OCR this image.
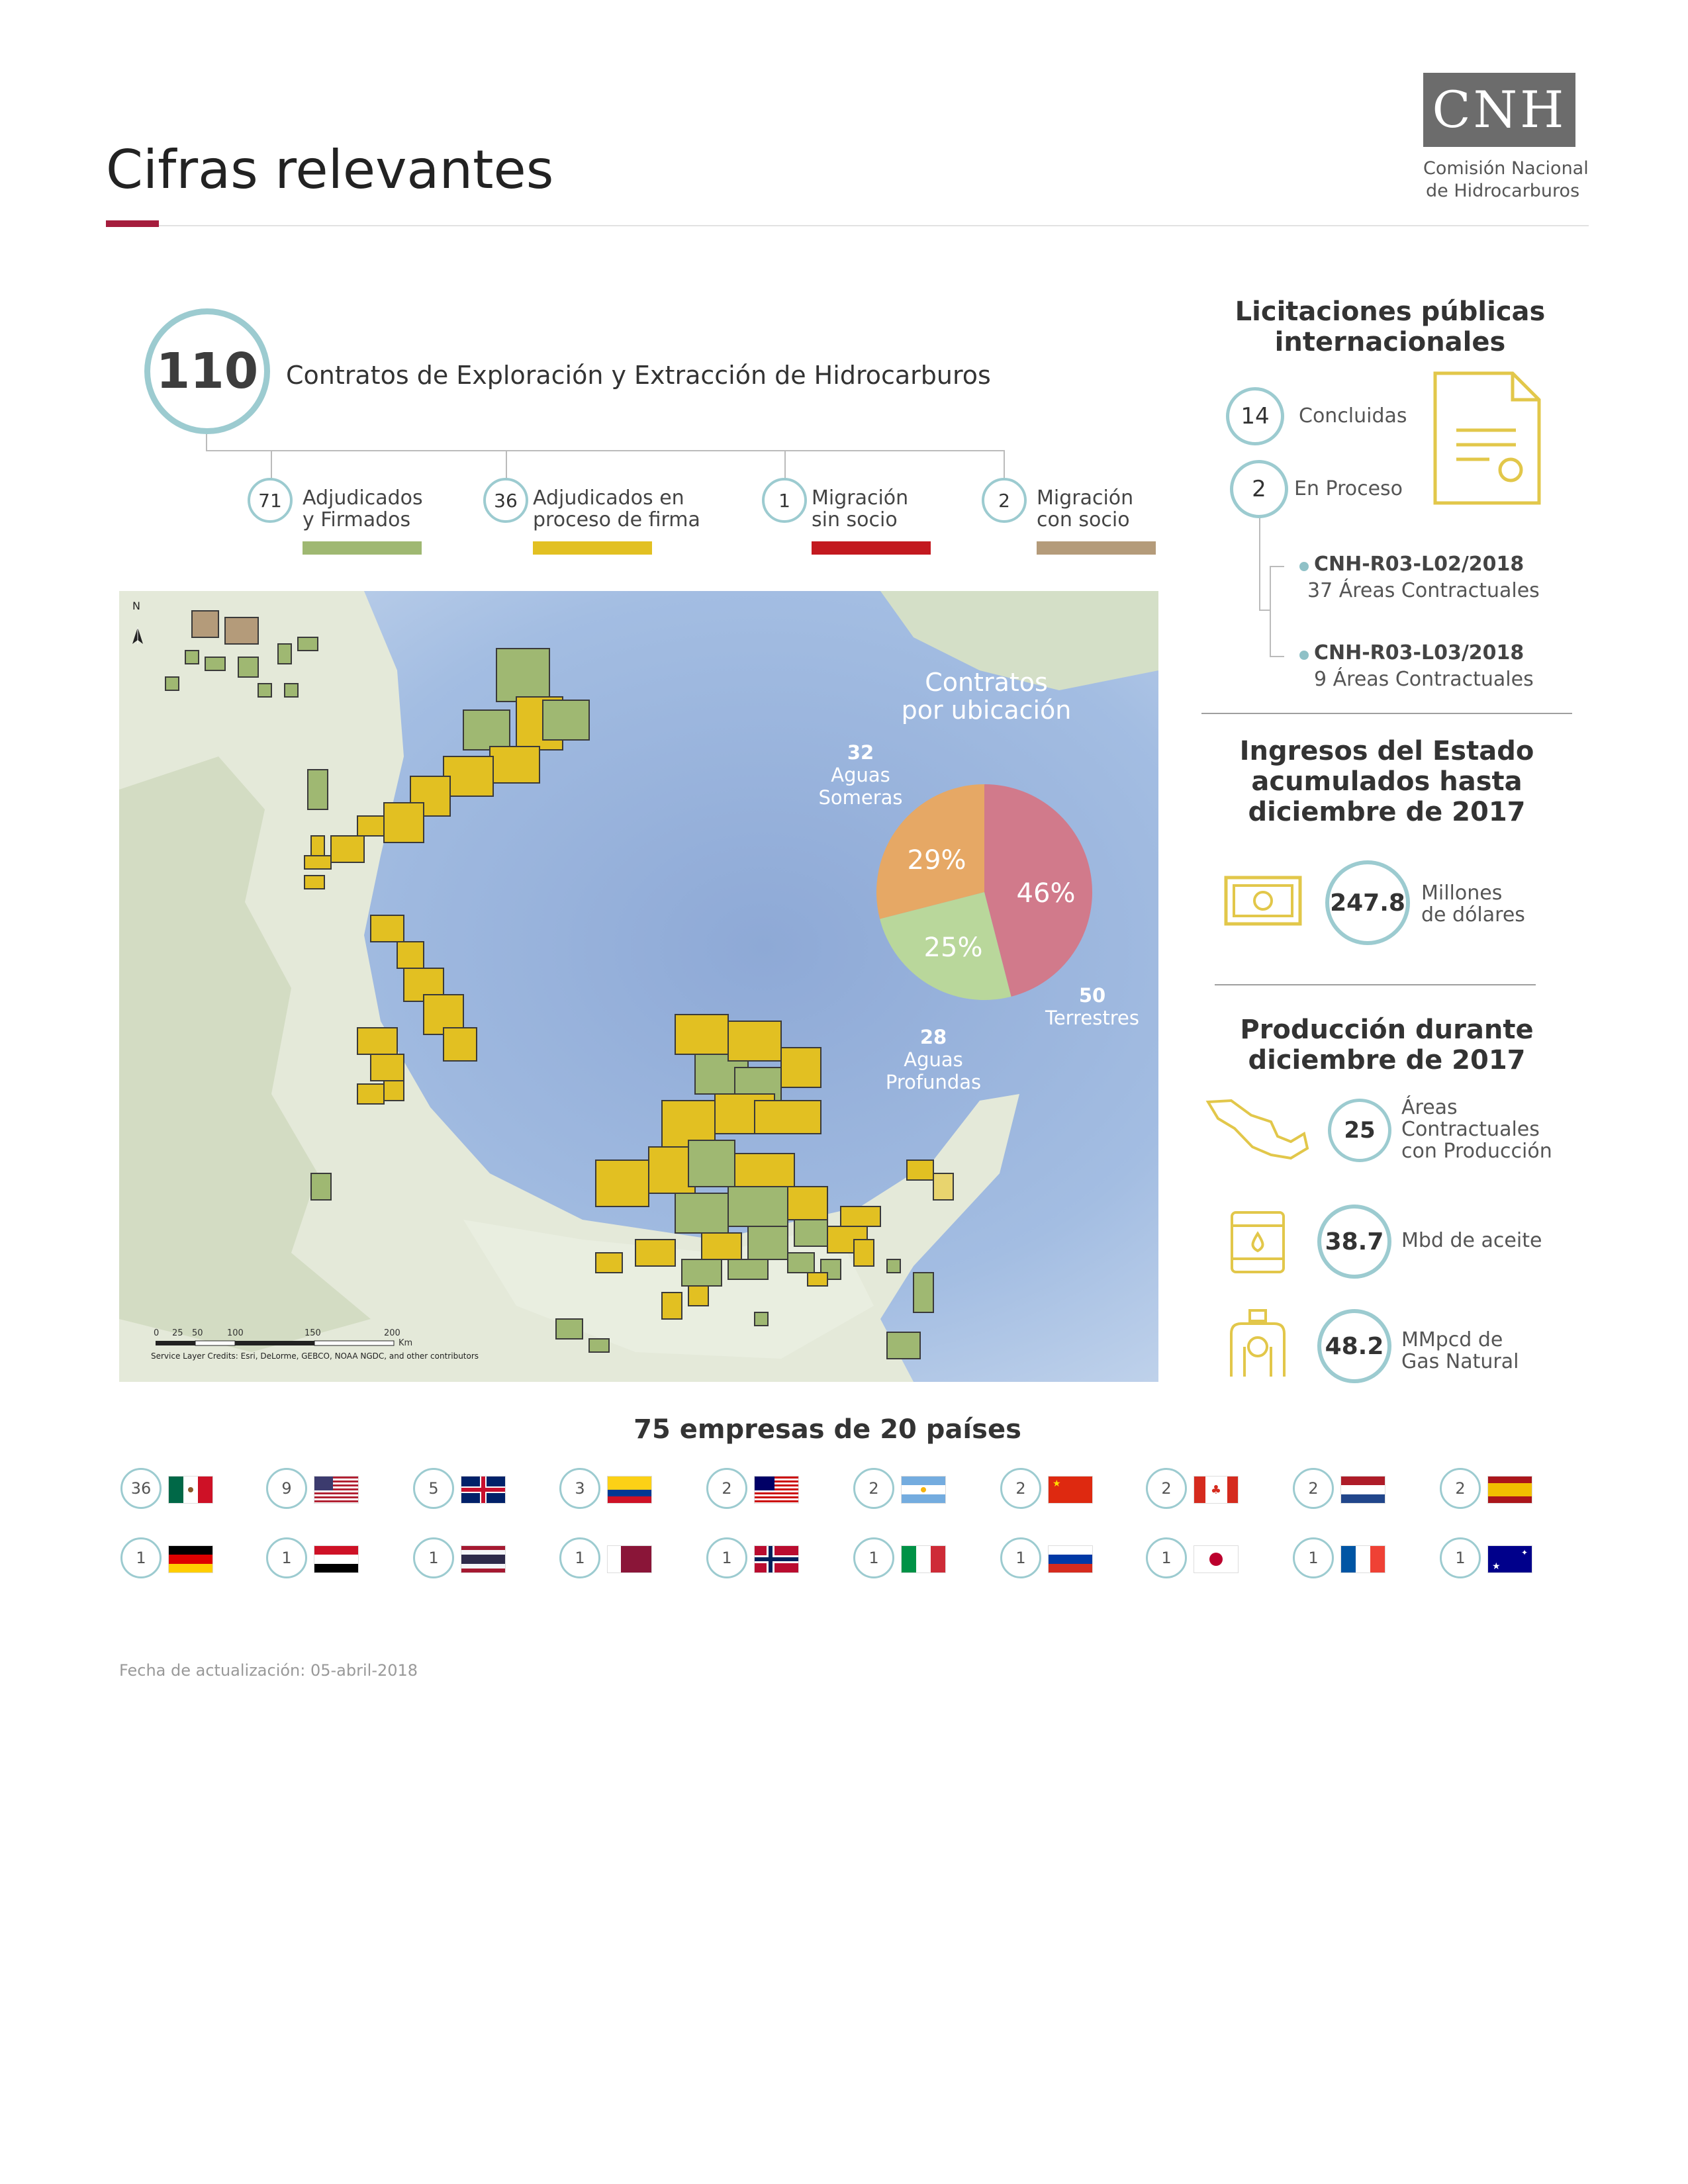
Cifras relevantes
CNH
Comisión Nacional
de Hidrocarburos
110 Contratos de Exploración y Extracción de Hidrocarburos
71 Adjudicados
y Firmados
36 Adjudicados en
proceso de firma
1 Migración
sin socio
2 Migración
con socio
N
0 25 50	100	150	200
Km
Service Layer Credits: Esri, DeLorme, GEBCO, NOAA NGDC, and other contributors
Contratos
por ubicación
32
Aguas
Someras
50
Terrestres
28
Aguas
Profundas
46%
29%
25%
Licitaciones públicas
internacionales
14 Concluidas
2 En Proceso
CNH-R03-L02/2018
37 Áreas Contractuales
CNH-R03-L03/2018
9 Áreas Contractuales
Ingresos del Estado
acumulados hasta
diciembre de 2017
247.8 Millones
de dólares
Producción durante
diciembre de 2017
25
Áreas
Contractuales
con Producción
38.7 Mbd de aceite
48.2 MMpcd de
Gas Natural
75 empresas de 20 países
36	9	5	3	2	2	2	★	2	♣	2	2
1	1	1	1	1	1	1	1	1	1	✦
★
Fecha de actualización: 05-abril-2018
